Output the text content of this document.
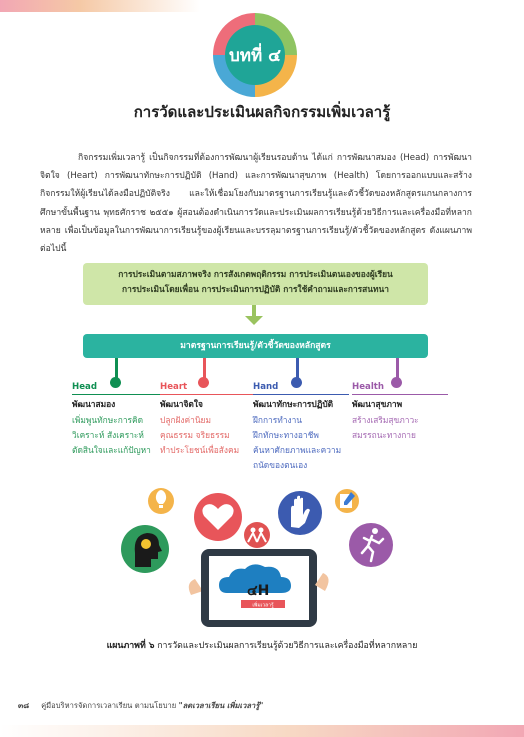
บทที่ ๔
การวัดและประเมินผลกิจกรรมเพิ่มเวลารู้

กิจกรรมเพิ่มเวลารู้ เป็นกิจกรรมที่ต้องการพัฒนาผู้เรียนรอบด้าน ได้แก่ การพัฒนาสมอง (Head) การพัฒนาจิตใจ (Heart) การพัฒนาทักษะการปฏิบัติ (Hand) และการพัฒนาสุขภาพ (Health) โดยการออกแบบและสร้างกิจกรรมให้ผู้เรียนได้ลงมือปฏิบัติจริง และให้เชื่อมโยงกับมาตรฐานการเรียนรู้และตัวชี้วัดของหลักสูตรแกนกลางการศึกษาขั้นพื้นฐาน พุทธศักราช ๒๕๕๑ ผู้สอนต้องดำเนินการวัดและประเมินผลการเรียนรู้ด้วยวิธีการและเครื่องมือที่หลากหลาย เพื่อเป็นข้อมูลในการพัฒนาการเรียนรู้ของผู้เรียนและบรรลุมาตรฐานการเรียนรู้/ตัวชี้วัดของหลักสูตร ดังแผนภาพต่อไปนี้

การประเมินตามสภาพจริง การสังเกตพฤติกรรม การประเมินตนเองของผู้เรียน
การประเมินโดยเพื่อน การประเมินการปฏิบัติ การใช้คำถามและการสนทนา
มาตรฐานการเรียนรู้/ตัวชี้วัดของหลักสูตร
Head
พัฒนาสมอง
เพิ่มพูนทักษะการคิด
วิเคราะห์ สังเคราะห์
ตัดสินใจและแก้ปัญหา
Heart
พัฒนาจิตใจ
ปลูกฝังค่านิยม
คุณธรรม จริยธรรม
ทำประโยชน์เพื่อสังคม
Hand
พัฒนาทักษะการปฏิบัติ
ฝึกการทำงาน
ฝึกทักษะทางอาชีพ
ค้นหาศักยภาพและความ
ถนัดของตนเอง
Health
พัฒนาสุขภาพ
สร้างเสริมสุขภาวะ
สมรรถนะทางกาย
๔H
เพิ่มเวลารู้
แผนภาพที่ ๖ การวัดและประเมินผลการเรียนรู้ด้วยวิธีการและเครื่องมือที่หลากหลาย
๓๘ คู่มือบริหารจัดการเวลาเรียน ตามนโยบาย "ลดเวลาเรียน เพิ่มเวลารู้"
